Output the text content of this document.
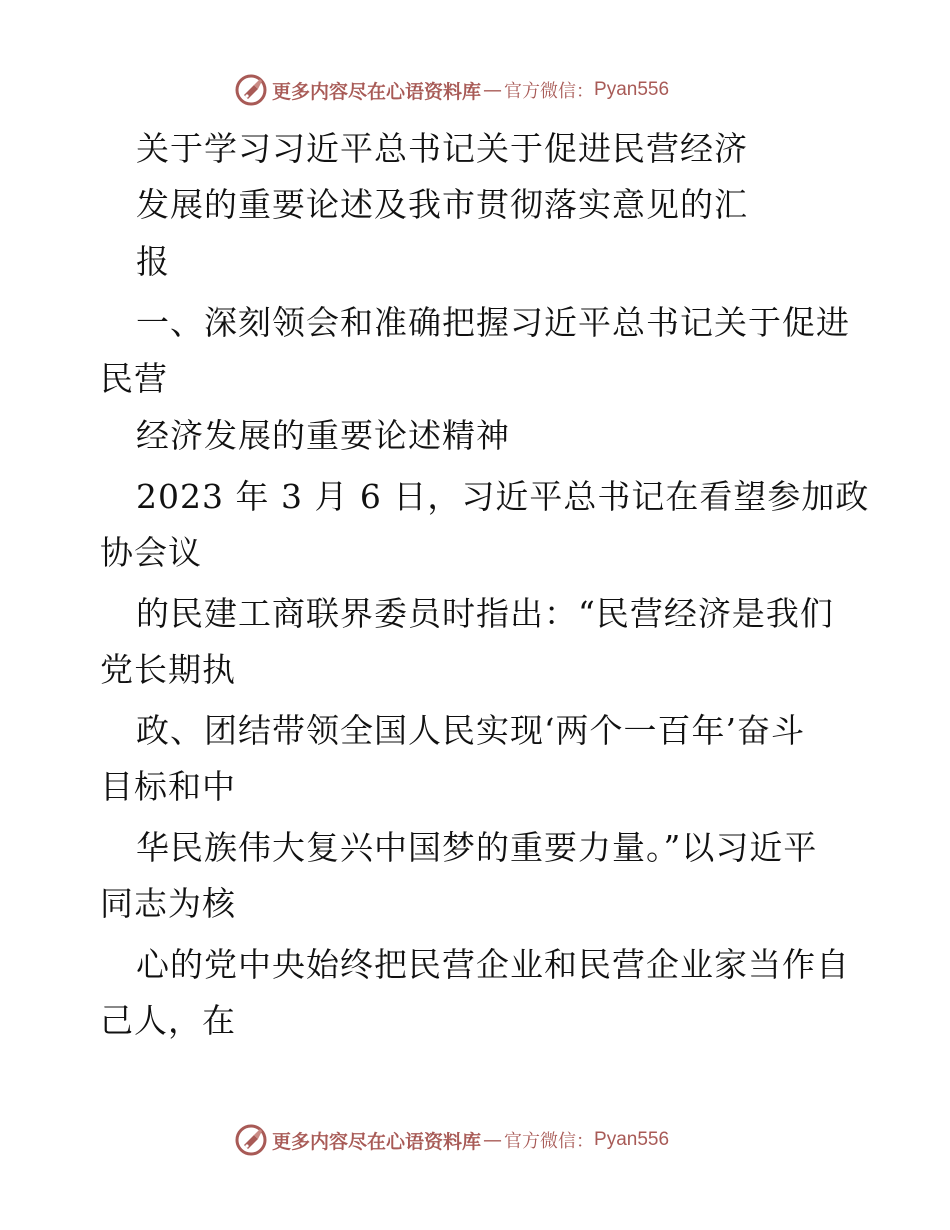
更多内容尽在心语资料库 — 官方微信： Pyan556
关于学习习近平总书记关于促进民营经济
发展的重要论述及我市贯彻落实意见的汇
报
一、深刻领会和准确把握习近平总书记关于促进
民营
经济发展的重要论述精神
2023 年 3 月 6 日，习近平总书记在看望参加政
协会议
的民建工商联界委员时指出：“民营经济是我们
党长期执
政、团结带领全国人民实现‘两个一百年’奋斗
目标和中
华民族伟大复兴中国梦的重要力量。”以习近平
同志为核
心的党中央始终把民营企业和民营企业家当作自
己人，在
更多内容尽在心语资料库 — 官方微信： Pyan556
